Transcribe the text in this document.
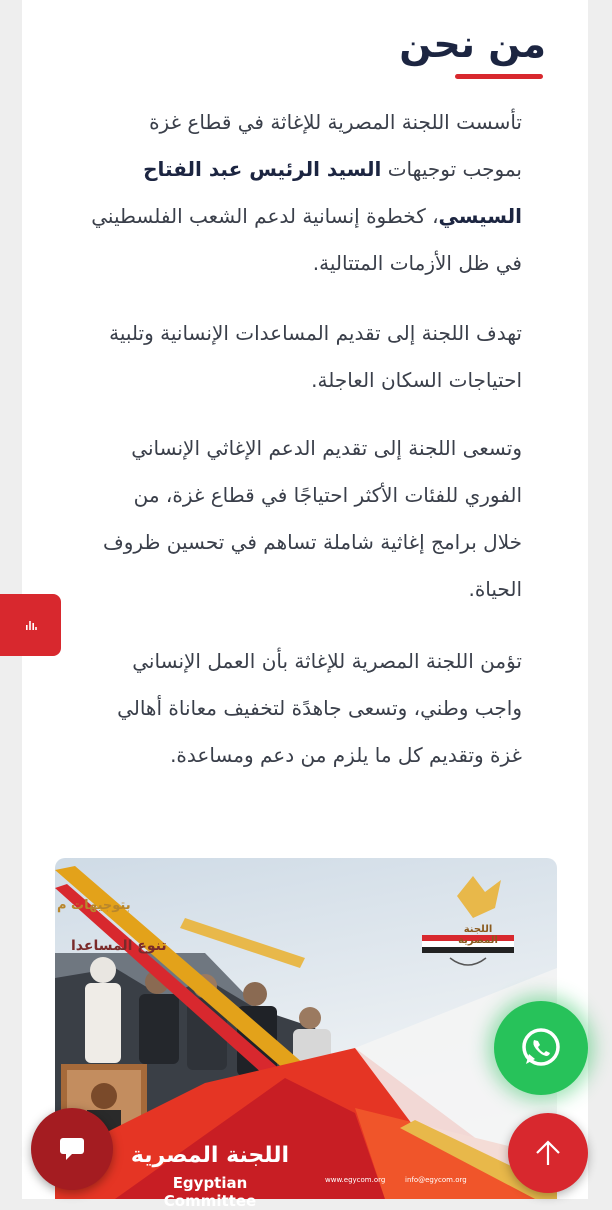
من نحن

تأسست اللجنة المصرية للإغاثة في قطاع غزة بموجب توجيهات السيد الرئيس عبد الفتاح السيسي، كخطوة إنسانية لدعم الشعب الفلسطيني في ظل الأزمات المتتالية.

تهدف اللجنة إلى تقديم المساعدات الإنسانية وتلبية احتياجات السكان العاجلة.

وتسعى اللجنة إلى تقديم الدعم الإغاثي الإنساني الفوري للفئات الأكثر احتياجًا في قطاع غزة، من خلال برامج إغاثية شاملة تساهم في تحسين ظروف الحياة.

تؤمن اللجنة المصرية للإغاثة بأن العمل الإنساني واجب وطني، وتسعى جاهدًة لتخفيف معاناة أهالي غزة وتقديم كل ما يلزم من دعم ومساعدة.

بتوجيهات م

تنوع المساعدا

اللجنة المصرية

اللجنة المصرية

Egyptian Committee

www.egycom.org	info@egycom.org
